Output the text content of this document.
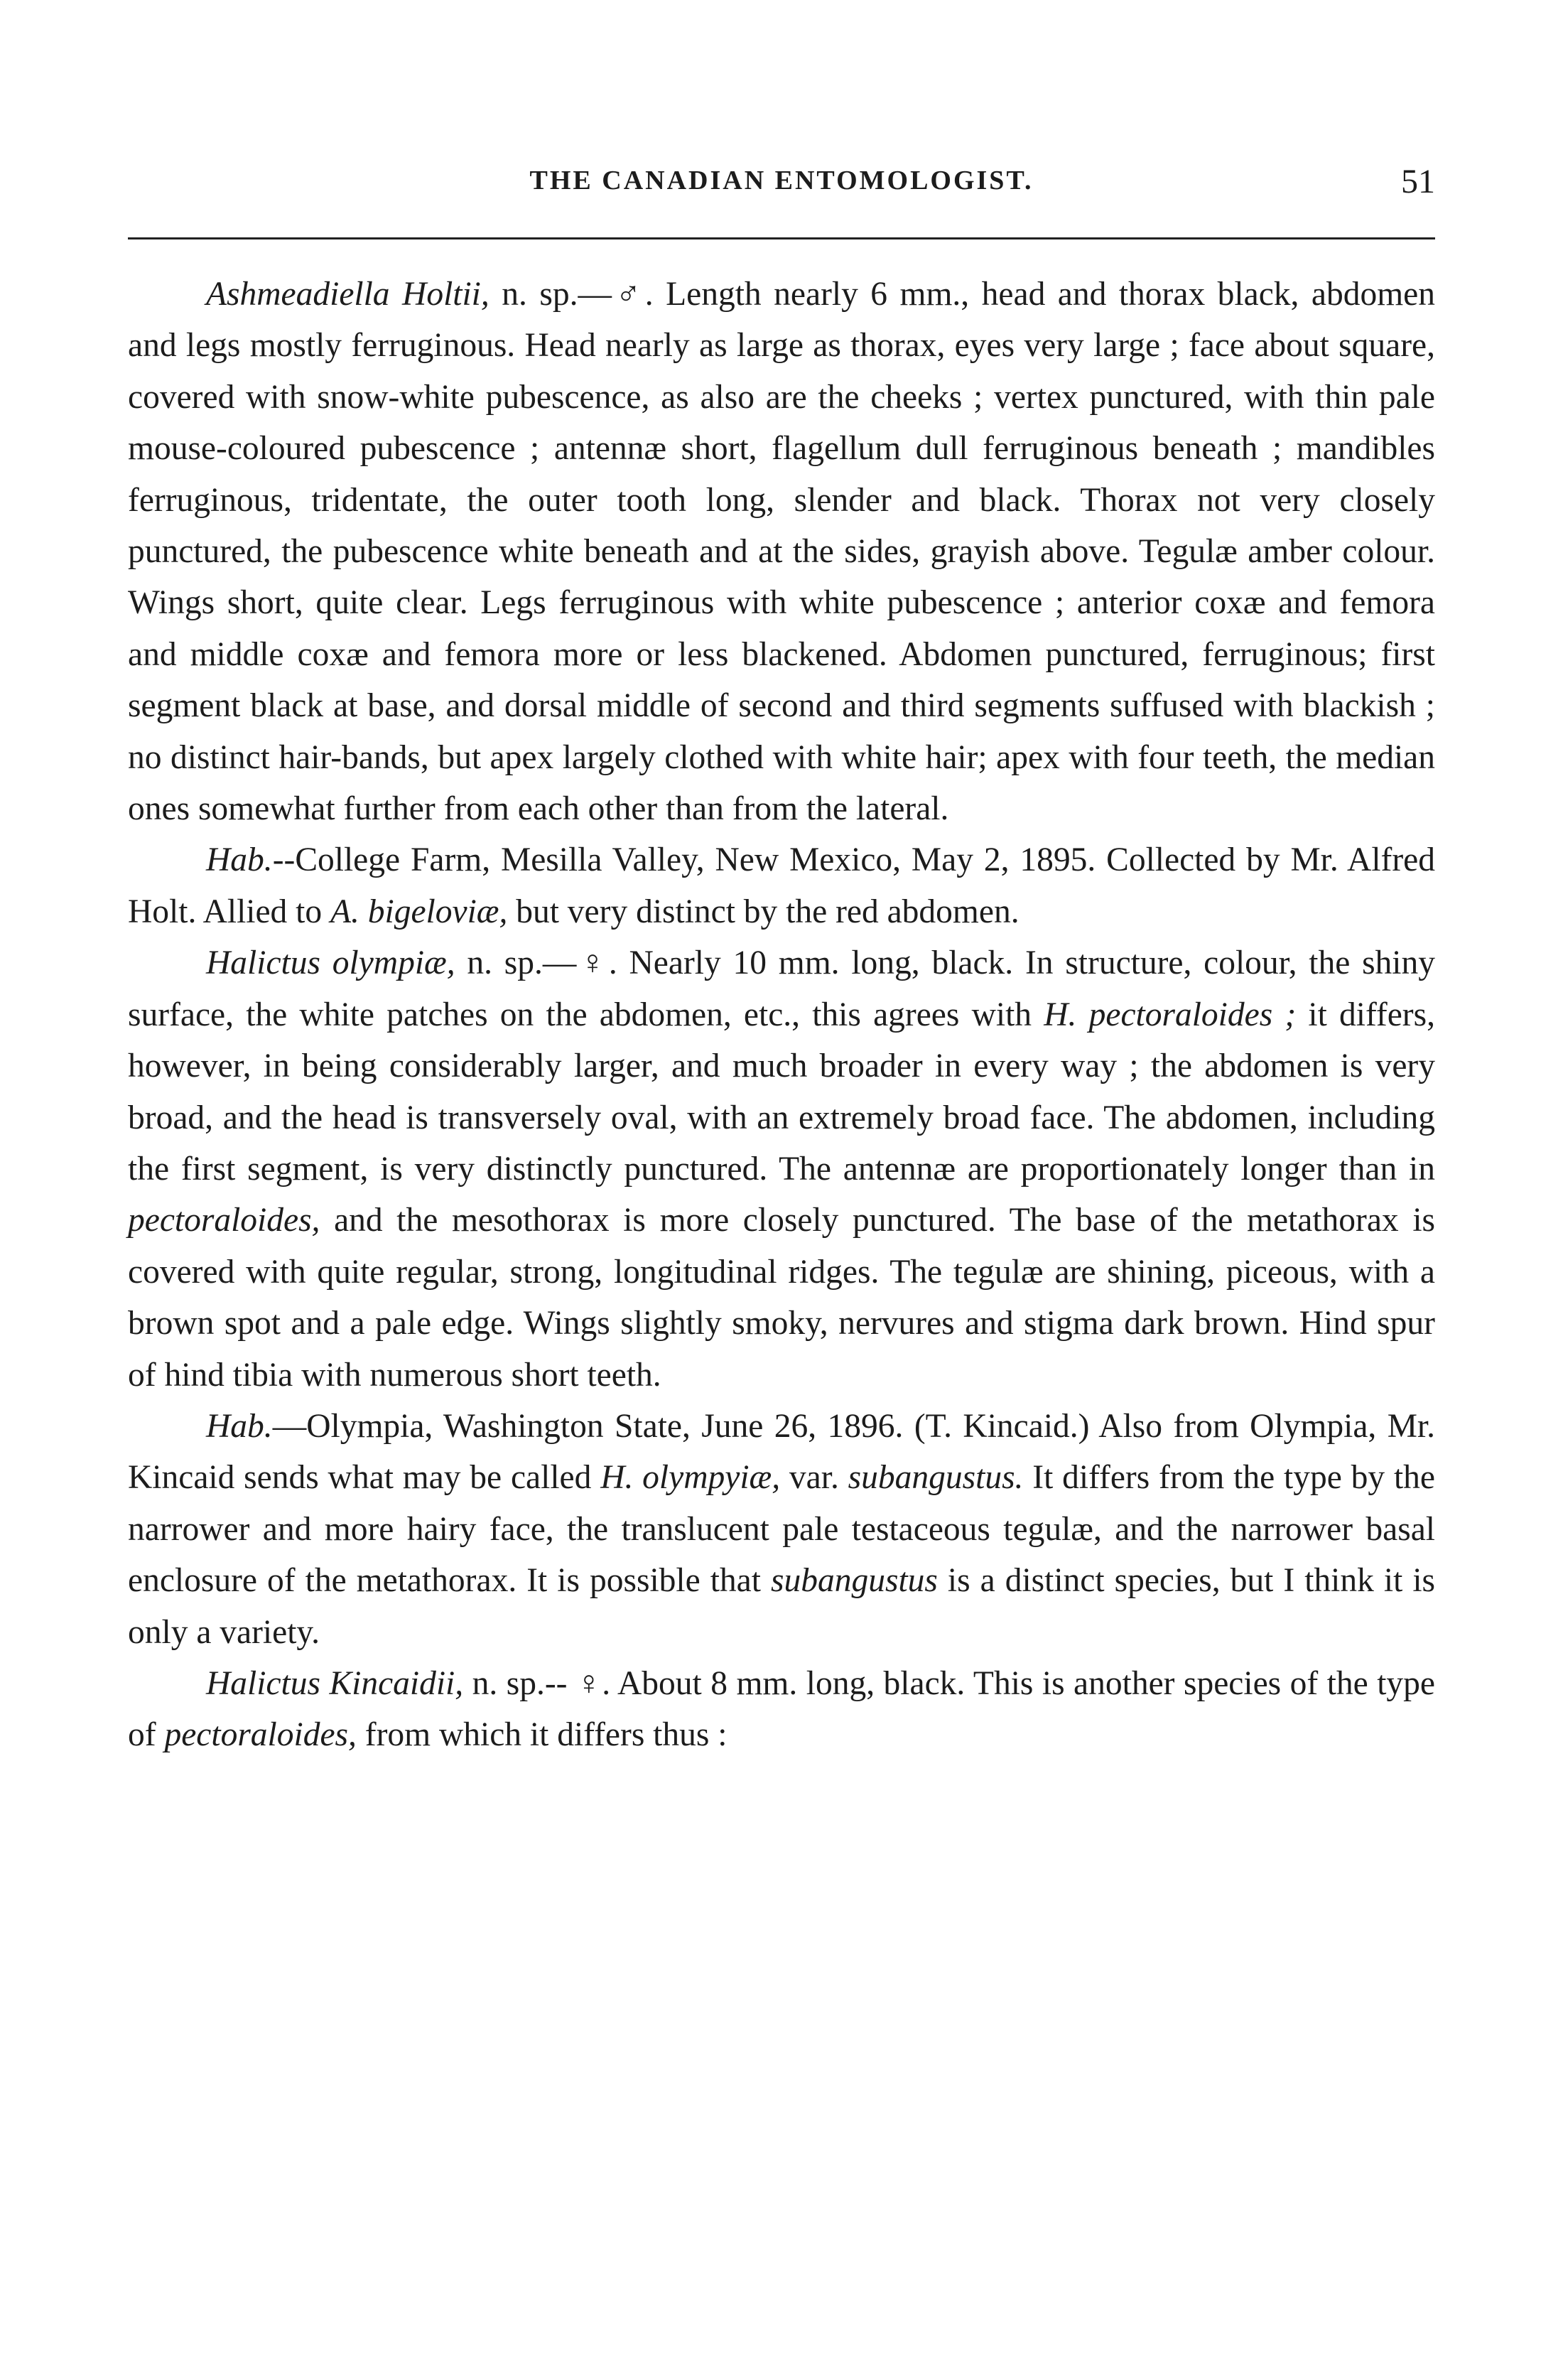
THE CANADIAN ENTOMOLOGIST.	51

Ashmeadiella Holtii, n. sp.—♂. Length nearly 6 mm., head and thorax black, abdomen and legs mostly ferruginous. Head nearly as large as thorax, eyes very large ; face about square, covered with snow-white pubescence, as also are the cheeks ; vertex punctured, with thin pale mouse-coloured pubescence ; antennæ short, flagellum dull ferruginous beneath ; mandibles ferruginous, tridentate, the outer tooth long, slender and black. Thorax not very closely punctured, the pubescence white beneath and at the sides, grayish above. Tegulæ amber colour. Wings short, quite clear. Legs ferruginous with white pubescence ; anterior coxæ and femora and middle coxæ and femora more or less blackened. Abdomen punctured, ferruginous; first segment black at base, and dorsal middle of second and third segments suffused with blackish ; no distinct hair-bands, but apex largely clothed with white hair; apex with four teeth, the median ones somewhat further from each other than from the lateral.

Hab.--College Farm, Mesilla Valley, New Mexico, May 2, 1895. Collected by Mr. Alfred Holt. Allied to A. bigeloviæ, but very distinct by the red abdomen.

Halictus olympiæ, n. sp.—♀. Nearly 10 mm. long, black. In structure, colour, the shiny surface, the white patches on the abdomen, etc., this agrees with H. pectoraloides ; it differs, however, in being considerably larger, and much broader in every way ; the abdomen is very broad, and the head is transversely oval, with an extremely broad face. The abdomen, including the first segment, is very distinctly punctured. The antennæ are proportionately longer than in pectoraloides, and the mesothorax is more closely punctured. The base of the metathorax is covered with quite regular, strong, longitudinal ridges. The tegulæ are shining, piceous, with a brown spot and a pale edge. Wings slightly smoky, nervures and stigma dark brown. Hind spur of hind tibia with numerous short teeth.

Hab.—Olympia, Washington State, June 26, 1896. (T. Kincaid.) Also from Olympia, Mr. Kincaid sends what may be called H. olympyiæ, var. subangustus. It differs from the type by the narrower and more hairy face, the translucent pale testaceous tegulæ, and the narrower basal enclosure of the metathorax. It is possible that subangustus is a distinct species, but I think it is only a variety.

Halictus Kincaidii, n. sp.-- ♀. About 8 mm. long, black. This is another species of the type of pectoraloides, from which it differs thus :
